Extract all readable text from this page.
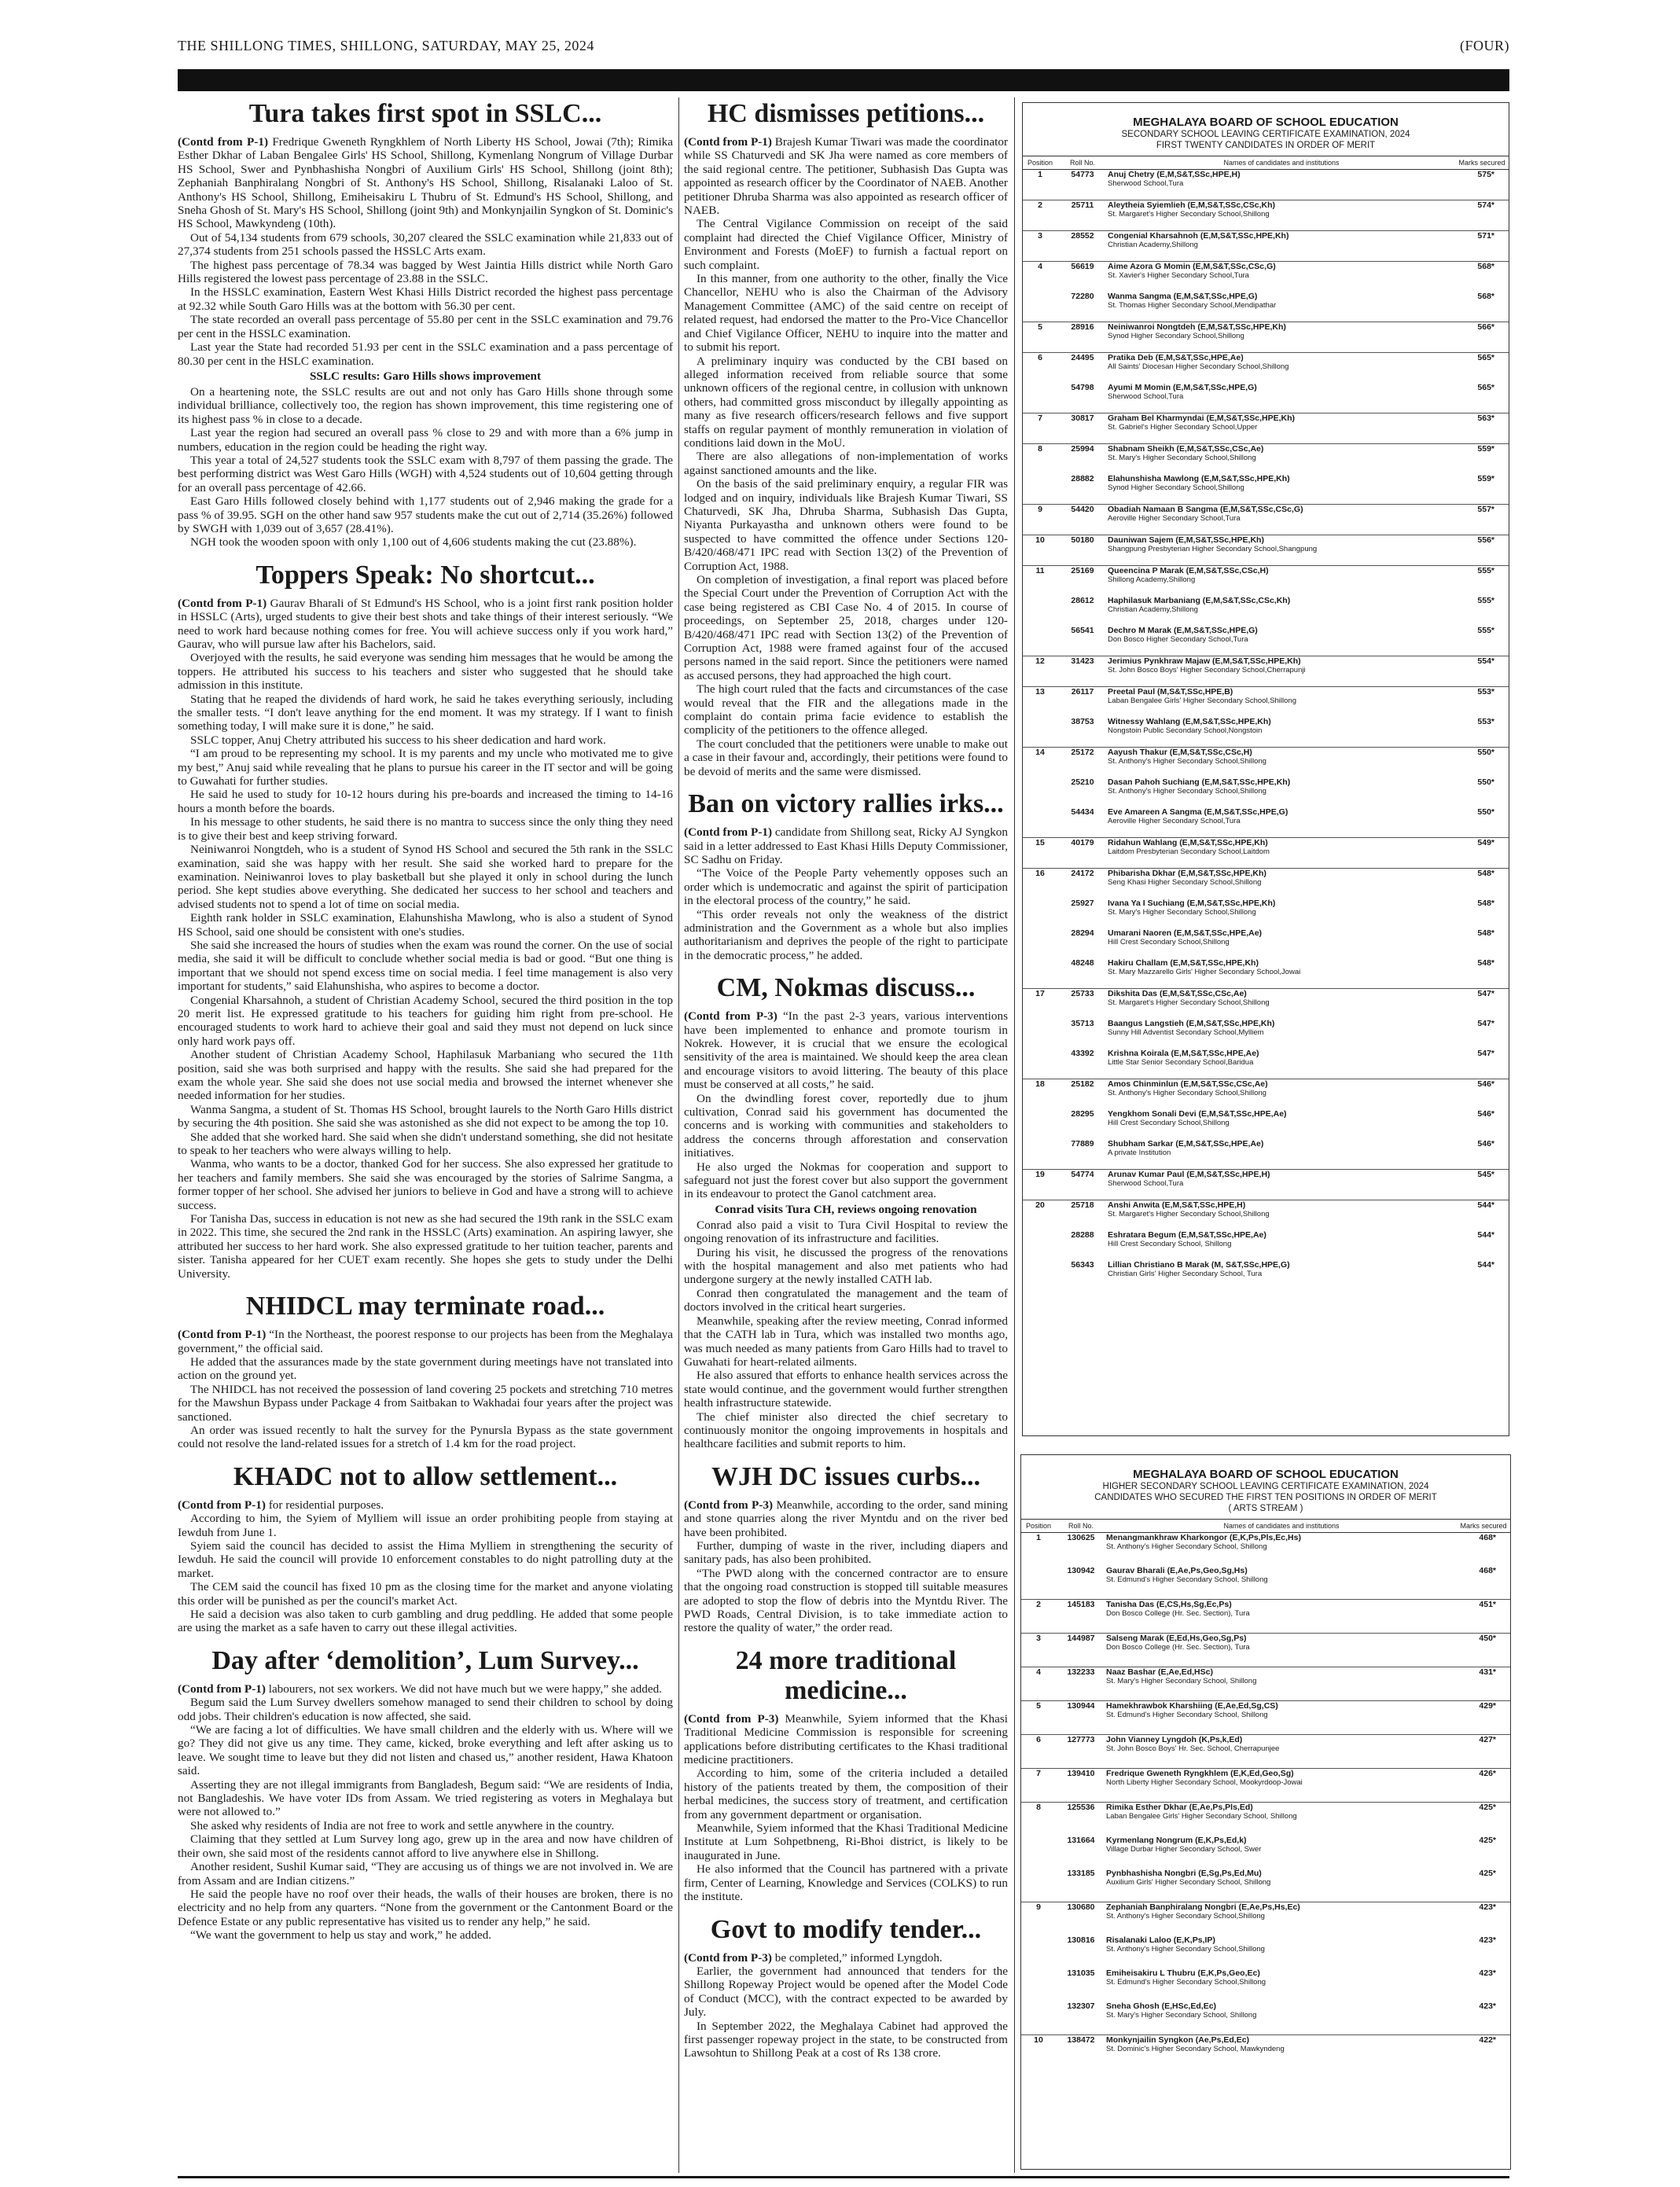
THE SHILLONG TIMES, SHILLONG, SATURDAY, MAY 25, 2024	(FOUR)
Tura takes first spot in SSLC...

(Contd from P-1) Fredrique Gweneth Ryngkhlem of North Liberty HS School, Jowai (7th); Rimika Esther Dkhar of Laban Bengalee Girls' HS School, Shillong, Kymenlang Nongrum of Village Durbar HS School, Swer and Pynbhashisha Nongbri of Auxilium Girls' HS School, Shillong (joint 8th); Zephaniah Banphiralang Nongbri of St. Anthony's HS School, Shillong, Risalanaki Laloo of St. Anthony's HS School, Shillong, Emiheisakiru L Thubru of St. Edmund's HS School, Shillong, and Sneha Ghosh of St. Mary's HS School, Shillong (joint 9th) and Monkynjailin Syngkon of St. Dominic's HS School, Mawkyndeng (10th).

Out of 54,134 students from 679 schools, 30,207 cleared the SSLC examination while 21,833 out of 27,374 students from 251 schools passed the HSSLC Arts exam.

The highest pass percentage of 78.34 was bagged by West Jaintia Hills district while North Garo Hills registered the lowest pass percentage of 23.88 in the SSLC.

In the HSSLC examination, Eastern West Khasi Hills District recorded the highest pass percentage at 92.32 while South Garo Hills was at the bottom with 56.30 per cent.

The state recorded an overall pass percentage of 55.80 per cent in the SSLC examination and 79.76 per cent in the HSSLC examination.

Last year the State had recorded 51.93 per cent in the SSLC examination and a pass percentage of 80.30 per cent in the HSLC examination.

SSLC results: Garo Hills shows improvement

On a heartening note, the SSLC results are out and not only has Garo Hills shone through some individual brilliance, collectively too, the region has shown improvement, this time registering one of its highest pass % in close to a decade.

Last year the region had secured an overall pass % close to 29 and with more than a 6% jump in numbers, education in the region could be heading the right way.

This year a total of 24,527 students took the SSLC exam with 8,797 of them passing the grade. The best performing district was West Garo Hills (WGH) with 4,524 students out of 10,604 getting through for an overall pass percentage of 42.66.

East Garo Hills followed closely behind with 1,177 students out of 2,946 making the grade for a pass % of 39.95. SGH on the other hand saw 957 students make the cut out of 2,714 (35.26%) followed by SWGH with 1,039 out of 3,657 (28.41%).

NGH took the wooden spoon with only 1,100 out of 4,606 students making the cut (23.88%).

Toppers Speak: No shortcut...

(Contd from P-1) Gaurav Bharali of St Edmund's HS School, who is a joint first rank position holder in HSSLC (Arts), urged students to give their best shots and take things of their interest seriously. “We need to work hard because nothing comes for free. You will achieve success only if you work hard,” Gaurav, who will pursue law after his Bachelors, said.

Overjoyed with the results, he said everyone was sending him messages that he would be among the toppers. He attributed his success to his teachers and sister who suggested that he should take admission in this institute.

Stating that he reaped the dividends of hard work, he said he takes everything seriously, including the smaller tests. “I don't leave anything for the end moment. It was my strategy. If I want to finish something today, I will make sure it is done,” he said.

SSLC topper, Anuj Chetry attributed his success to his sheer dedication and hard work.

“I am proud to be representing my school. It is my parents and my uncle who motivated me to give my best,” Anuj said while revealing that he plans to pursue his career in the IT sector and will be going to Guwahati for further studies.

He said he used to study for 10-12 hours during his pre-boards and increased the timing to 14-16 hours a month before the boards.

In his message to other students, he said there is no mantra to success since the only thing they need is to give their best and keep striving forward.

Neiniwanroi Nongtdeh, who is a student of Synod HS School and secured the 5th rank in the SSLC examination, said she was happy with her result. She said she worked hard to prepare for the examination. Neiniwanroi loves to play basketball but she played it only in school during the lunch period. She kept studies above everything. She dedicated her success to her school and teachers and advised students not to spend a lot of time on social media.

Eighth rank holder in SSLC examination, Elahunshisha Mawlong, who is also a student of Synod HS School, said one should be consistent with one's studies.

She said she increased the hours of studies when the exam was round the corner. On the use of social media, she said it will be difficult to conclude whether social media is bad or good. “But one thing is important that we should not spend excess time on social media. I feel time management is also very important for students,” said Elahunshisha, who aspires to become a doctor.

Congenial Kharsahnoh, a student of Christian Academy School, secured the third position in the top 20 merit list. He expressed gratitude to his teachers for guiding him right from pre-school. He encouraged students to work hard to achieve their goal and said they must not depend on luck since only hard work pays off.

Another student of Christian Academy School, Haphilasuk Marbaniang who secured the 11th position, said she was both surprised and happy with the results. She said she had prepared for the exam the whole year. She said she does not use social media and browsed the internet whenever she needed information for her studies.

Wanma Sangma, a student of St. Thomas HS School, brought laurels to the North Garo Hills district by securing the 4th position. She said she was astonished as she did not expect to be among the top 10.

She added that she worked hard. She said when she didn't understand something, she did not hesitate to speak to her teachers who were always willing to help.

Wanma, who wants to be a doctor, thanked God for her success. She also expressed her gratitude to her teachers and family members. She said she was encouraged by the stories of Salrime Sangma, a former topper of her school. She advised her juniors to believe in God and have a strong will to achieve success.

For Tanisha Das, success in education is not new as she had secured the 19th rank in the SSLC exam in 2022. This time, she secured the 2nd rank in the HSSLC (Arts) examination. An aspiring lawyer, she attributed her success to her hard work. She also expressed gratitude to her tuition teacher, parents and sister. Tanisha appeared for her CUET exam recently. She hopes she gets to study under the Delhi University.

NHIDCL may terminate road...

(Contd from P-1) “In the Northeast, the poorest response to our projects has been from the Meghalaya government,” the official said.

He added that the assurances made by the state government during meetings have not translated into action on the ground yet.

The NHIDCL has not received the possession of land covering 25 pockets and stretching 710 metres for the Mawshun Bypass under Package 4 from Saitbakan to Wakhadai four years after the project was sanctioned.

An order was issued recently to halt the survey for the Pynursla Bypass as the state government could not resolve the land-related issues for a stretch of 1.4 km for the road project.

KHADC not to allow settlement...

(Contd from P-1) for residential purposes.

According to him, the Syiem of Mylliem will issue an order prohibiting people from staying at Iewduh from June 1.

Syiem said the council has decided to assist the Hima Mylliem in strengthening the security of Iewduh. He said the council will provide 10 enforcement constables to do night patrolling duty at the market.

The CEM said the council has fixed 10 pm as the closing time for the market and anyone violating this order will be punished as per the council's market Act.

He said a decision was also taken to curb gambling and drug peddling. He added that some people are using the market as a safe haven to carry out these illegal activities.

Day after ‘demolition’, Lum Survey...

(Contd from P-1) labourers, not sex workers. We did not have much but we were happy,” she added.

Begum said the Lum Survey dwellers somehow managed to send their children to school by doing odd jobs. Their children's education is now affected, she said.

“We are facing a lot of difficulties. We have small children and the elderly with us. Where will we go? They did not give us any time. They came, kicked, broke everything and left after asking us to leave. We sought time to leave but they did not listen and chased us,” another resident, Hawa Khatoon said.

Asserting they are not illegal immigrants from Bangladesh, Begum said: “We are residents of India, not Bangladeshis. We have voter IDs from Assam. We tried registering as voters in Meghalaya but were not allowed to.”

She asked why residents of India are not free to work and settle anywhere in the country.

Claiming that they settled at Lum Survey long ago, grew up in the area and now have children of their own, she said most of the residents cannot afford to live anywhere else in Shillong.

Another resident, Sushil Kumar said, “They are accusing us of things we are not involved in. We are from Assam and are Indian citizens.”

He said the people have no roof over their heads, the walls of their houses are broken, there is no electricity and no help from any quarters. “None from the government or the Cantonment Board or the Defence Estate or any public representative has visited us to render any help,” he said.

“We want the government to help us stay and work,” he added.

HC dismisses petitions...

(Contd from P-1) Brajesh Kumar Tiwari was made the coordinator while SS Chaturvedi and SK Jha were named as core members of the said regional centre. The petitioner, Subhasish Das Gupta was appointed as research officer by the Coordinator of NAEB. Another petitioner Dhruba Sharma was also appointed as research officer of NAEB.

The Central Vigilance Commission on receipt of the said complaint had directed the Chief Vigilance Officer, Ministry of Environment and Forests (MoEF) to furnish a factual report on such complaint.

In this manner, from one authority to the other, finally the Vice Chancellor, NEHU who is also the Chairman of the Advisory Management Committee (AMC) of the said centre on receipt of related request, had endorsed the matter to the Pro-Vice Chancellor and Chief Vigilance Officer, NEHU to inquire into the matter and to submit his report.

A preliminary inquiry was conducted by the CBI based on alleged information received from reliable source that some unknown officers of the regional centre, in collusion with unknown others, had committed gross misconduct by illegally appointing as many as five research officers/research fellows and five support staffs on regular payment of monthly remuneration in violation of conditions laid down in the MoU.

There are also allegations of non-implementation of works against sanctioned amounts and the like.

On the basis of the said preliminary enquiry, a regular FIR was lodged and on inquiry, individuals like Brajesh Kumar Tiwari, SS Chaturvedi, SK Jha, Dhruba Sharma, Subhasish Das Gupta, Niyanta Purkayastha and unknown others were found to be suspected to have committed the offence under Sections 120- B/420/468/471 IPC read with Section 13(2) of the Prevention of Corruption Act, 1988.

On completion of investigation, a final report was placed before the Special Court under the Prevention of Corruption Act with the case being registered as CBI Case No. 4 of 2015. In course of proceedings, on September 25, 2018, charges under 120-B/420/468/471 IPC read with Section 13(2) of the Prevention of Corruption Act, 1988 were framed against four of the accused persons named in the said report. Since the petitioners were named as accused persons, they had approached the high court.

The high court ruled that the facts and circumstances of the case would reveal that the FIR and the allegations made in the complaint do contain prima facie evidence to establish the complicity of the petitioners to the offence alleged.

The court concluded that the petitioners were unable to make out a case in their favour and, accordingly, their petitions were found to be devoid of merits and the same were dismissed.

Ban on victory rallies irks...

(Contd from P-1) candidate from Shillong seat, Ricky AJ Syngkon said in a letter addressed to East Khasi Hills Deputy Commissioner, SC Sadhu on Friday.

“The Voice of the People Party vehemently opposes such an order which is undemocratic and against the spirit of participation in the electoral process of the country,” he said.

“This order reveals not only the weakness of the district administration and the Government as a whole but also implies authoritarianism and deprives the people of the right to participate in the democratic process,” he added.

CM, Nokmas discuss...

(Contd from P-3) “In the past 2-3 years, various interventions have been implemented to enhance and promote tourism in Nokrek. However, it is crucial that we ensure the ecological sensitivity of the area is maintained. We should keep the area clean and encourage visitors to avoid littering. The beauty of this place must be conserved at all costs,” he said.

On the dwindling forest cover, reportedly due to jhum cultivation, Conrad said his government has documented the concerns and is working with communities and stakeholders to address the concerns through afforestation and conservation initiatives.

He also urged the Nokmas for cooperation and support to safeguard not just the forest cover but also support the government in its endeavour to protect the Ganol catchment area.

Conrad visits Tura CH, reviews ongoing renovation

Conrad also paid a visit to Tura Civil Hospital to review the ongoing renovation of its infrastructure and facilities.

During his visit, he discussed the progress of the renovations with the hospital management and also met patients who had undergone surgery at the newly installed CATH lab.

Conrad then congratulated the management and the team of doctors involved in the critical heart surgeries.

Meanwhile, speaking after the review meeting, Conrad informed that the CATH lab in Tura, which was installed two months ago, was much needed as many patients from Garo Hills had to travel to Guwahati for heart-related ailments.

He also assured that efforts to enhance health services across the state would continue, and the government would further strengthen health infrastructure statewide.

The chief minister also directed the chief secretary to continuously monitor the ongoing improvements in hospitals and healthcare facilities and submit reports to him.

WJH DC issues curbs...

(Contd from P-3) Meanwhile, according to the order, sand mining and stone quarries along the river Myntdu and on the river bed have been prohibited.

Further, dumping of waste in the river, including diapers and sanitary pads, has also been prohibited.

“The PWD along with the concerned contractor are to ensure that the ongoing road construction is stopped till suitable measures are adopted to stop the flow of debris into the Myntdu River. The PWD Roads, Central Division, is to take immediate action to restore the quality of water,” the order read.

24 more traditional medicine...

(Contd from P-3) Meanwhile, Syiem informed that the Khasi Traditional Medicine Commission is responsible for screening applications before distributing certificates to the Khasi traditional medicine practitioners.

According to him, some of the criteria included a detailed history of the patients treated by them, the composition of their herbal medicines, the success story of treatment, and certification from any government department or organisation.

Meanwhile, Syiem informed that the Khasi Traditional Medicine Institute at Lum Sohpetbneng, Ri-Bhoi district, is likely to be inaugurated in June.

He also informed that the Council has partnered with a private firm, Center of Learning, Knowledge and Services (COLKS) to run the institute.

Govt to modify tender...

(Contd from P-3) be completed,” informed Lyngdoh.

Earlier, the government had announced that tenders for the Shillong Ropeway Project would be opened after the Model Code of Conduct (MCC), with the contract expected to be awarded by July.

In September 2022, the Meghalaya Cabinet had approved the first passenger ropeway project in the state, to be constructed from Lawsohtun to Shillong Peak at a cost of Rs 138 crore.

MEGHALAYA BOARD OF SCHOOL EDUCATION
SECONDARY SCHOOL LEAVING CERTIFICATE EXAMINATION, 2024
FIRST TWENTY CANDIDATES IN ORDER OF MERIT
Position	Roll No.	Names of candidates and institutions	Marks secured
1	54773	Anuj Chetry (E,M,S&T,SSc,HPE,H)
Sherwood School,Tura	575*
2	25711	Aleytheia Syiemlieh (E,M,S&T,SSc,CSc,Kh)
St. Margaret's Higher Secondary School,Shillong	574*
3	28552	Congenial Kharsahnoh (E,M,S&T,SSc,HPE,Kh)
Christian Academy,Shillong	571*
4	56619	Aime Azora G Momin (E,M,S&T,SSc,CSc,G)
St. Xavier's Higher Secondary School,Tura	568*
	72280	Wanma Sangma (E,M,S&T,SSc,HPE,G)
St. Thomas Higher Secondary School,Mendipathar	568*
5	28916	Neiniwanroi Nongtdeh (E,M,S&T,SSc,HPE,Kh)
Synod Higher Secondary School,Shillong	566*
6	24495	Pratika Deb (E,M,S&T,SSc,HPE,Ae)
All Saints' Diocesan Higher Secondary School,Shillong	565*
	54798	Ayumi M Momin (E,M,S&T,SSc,HPE,G)
Sherwood School,Tura	565*
7	30817	Graham Bel Kharmyndai (E,M,S&T,SSc,HPE,Kh)
St. Gabriel's Higher Secondary School,Upper	563*
8	25994	Shabnam Sheikh (E,M,S&T,SSc,CSc,Ae)
St. Mary's Higher Secondary School,Shillong	559*
	28882	Elahunshisha Mawlong (E,M,S&T,SSc,HPE,Kh)
Synod Higher Secondary School,Shillong	559*
9	54420	Obadiah Namaan B Sangma (E,M,S&T,SSc,CSc,G)
Aeroville Higher Secondary School,Tura	557*
10	50180	Dauniwan Sajem (E,M,S&T,SSc,HPE,Kh)
Shangpung Presbyterian Higher Secondary School,Shangpung	556*
11	25169	Queencina P Marak (E,M,S&T,SSc,CSc,H)
Shillong Academy,Shillong	555*
	28612	Haphilasuk Marbaniang (E,M,S&T,SSc,CSc,Kh)
Christian Academy,Shillong	555*
	56541	Dechro M Marak (E,M,S&T,SSc,HPE,G)
Don Bosco Higher Secondary School,Tura	555*
12	31423	Jerimius Pynkhraw Majaw (E,M,S&T,SSc,HPE,Kh)
St. John Bosco Boys' Higher Secondary School,Cherrapunji	554*
13	26117	Preetal Paul (M,S&T,SSc,HPE,B)
Laban Bengalee Girls' Higher Secondary School,Shillong	553*
	38753	Witnessy Wahlang (E,M,S&T,SSc,HPE,Kh)
Nongstoin Public Secondary School,Nongstoin	553*
14	25172	Aayush Thakur (E,M,S&T,SSc,CSc,H)
St. Anthony's Higher Secondary School,Shillong	550*
	25210	Dasan Pahoh Suchiang (E,M,S&T,SSc,HPE,Kh)
St. Anthony's Higher Secondary School,Shillong	550*
	54434	Eve Amareen A Sangma (E,M,S&T,SSc,HPE,G)
Aeroville Higher Secondary School,Tura	550*
15	40179	Ridahun Wahlang (E,M,S&T,SSc,HPE,Kh)
Laitdom Presbyterian Secondary School,Laitdom	549*
16	24172	Phibarisha Dkhar (E,M,S&T,SSc,HPE,Kh)
Seng Khasi Higher Secondary School,Shillong	548*
	25927	Ivana Ya I Suchiang (E,M,S&T,SSc,HPE,Kh)
St. Mary's Higher Secondary School,Shillong	548*
	28294	Umarani Naoren (E,M,S&T,SSc,HPE,Ae)
Hill Crest Secondary School,Shillong	548*
	48248	Hakiru Challam (E,M,S&T,SSc,HPE,Kh)
St. Mary Mazzarello Girls' Higher Secondary School,Jowai	548*
17	25733	Dikshita Das (E,M,S&T,SSc,CSc,Ae)
St. Margaret's Higher Secondary School,Shillong	547*
	35713	Baangus Langstieh (E,M,S&T,SSc,HPE,Kh)
Sunny Hill Adventist Secondary School,Mylliem	547*
	43392	Krishna Koirala (E,M,S&T,SSc,HPE,Ae)
Little Star Senior Secondary School,Baridua	547*
18	25182	Amos Chinminlun (E,M,S&T,SSc,CSc,Ae)
St. Anthony's Higher Secondary School,Shillong	546*
	28295	Yengkhom Sonali Devi (E,M,S&T,SSc,HPE,Ae)
Hill Crest Secondary School,Shillong	546*
	77889	Shubham Sarkar (E,M,S&T,SSc,HPE,Ae)
A private Institution	546*
19	54774	Arunav Kumar Paul (E,M,S&T,SSc,HPE,H)
Sherwood School,Tura	545*
20	25718	Anshi Anwita (E,M,S&T,SSc,HPE,H)
St. Margaret's Higher Secondary School,Shillong	544*
	28288	Eshratara Begum (E,M,S&T,SSc,HPE,Ae)
Hill Crest Secondary School, Shillong	544*
	56343	Lillian Christiano B Marak (M, S&T,SSc,HPE,G)
Christian Girls' Higher Secondary School, Tura	544*
MEGHALAYA BOARD OF SCHOOL EDUCATION
HIGHER SECONDARY SCHOOL LEAVING CERTIFICATE EXAMINATION, 2024
CANDIDATES WHO SECURED THE FIRST TEN POSITIONS IN ORDER OF MERIT
( ARTS STREAM )
Position	Roll No.	Names of candidates and institutions	Marks secured
1	130625	Menangmankhraw Kharkongor (E,K,Ps,Pls,Ec,Hs)
St. Anthony's Higher Secondary School, Shillong	468*
	130942	Gaurav Bharali (E,Ae,Ps,Geo,Sg,Hs)
St. Edmund's Higher Secondary School, Shillong	468*
2	145183	Tanisha Das (E,CS,Hs,Sg,Ec,Ps)
Don Bosco College (Hr. Sec. Section), Tura	451*
3	144987	Salseng Marak (E,Ed,Hs,Geo,Sg,Ps)
Don Bosco College (Hr. Sec. Section), Tura	450*
4	132233	Naaz Bashar (E,Ae,Ed,HSc)
St. Mary's Higher Secondary School, Shillong	431*
5	130944	Hamekhrawbok Kharshiing (E,Ae,Ed,Sg,CS)
St. Edmund's Higher Secondary School, Shillong	429*
6	127773	John Vianney Lyngdoh (K,Ps,k,Ed)
St. John Bosco Boys' Hr. Sec. School, Cherrapunjee	427*
7	139410	Fredrique Gweneth Ryngkhlem (E,K,Ed,Geo,Sg)
North Liberty Higher Secondary School, Mookyrdoop-Jowai	426*
8	125536	Rimika Esther Dkhar (E,Ae,Ps,Pls,Ed)
Laban Bengalee Girls' Higher Secondary School, Shillong	425*
	131664	Kyrmenlang Nongrum (E,K,Ps,Ed,k)
Village Durbar Higher Secondary School, Swer	425*
	133185	Pynbhashisha Nongbri (E,Sg,Ps,Ed,Mu)
Auxilium Girls' Higher Secondary School, Shillong	425*
9	130680	Zephaniah Banphiralang Nongbri (E,Ae,Ps,Hs,Ec)
St. Anthony's Higher Secondary School,Shillong	423*
	130816	Risalanaki Laloo (E,K,Ps,IP)
St. Anthony's Higher Secondary School,Shillong	423*
	131035	Emiheisakiru L Thubru (E,K,Ps,Geo,Ec)
St. Edmund's Higher Secondary School,Shillong	423*
	132307	Sneha Ghosh (E,HSc,Ed,Ec)
St. Mary's Higher Secondary School, Shillong	423*
10	138472	Monkynjailin Syngkon (Ae,Ps,Ed,Ec)
St. Dominic's Higher Secondary School, Mawkyndeng	422*
